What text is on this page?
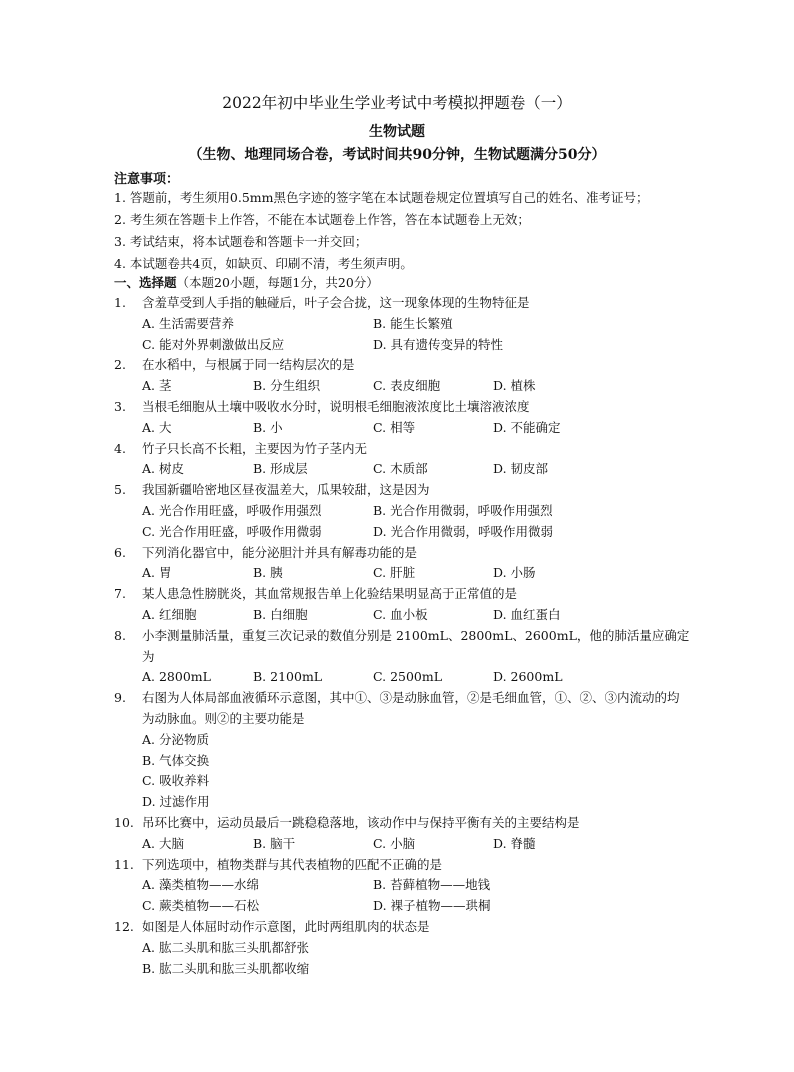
2022年初中毕业生学业考试中考模拟押题卷（一）
生物试题
（生物、地理同场合卷，考试时间共90分钟，生物试题满分50分）
注意事项：
1. 答题前，考生须用0.5mm黑色字迹的签字笔在本试题卷规定位置填写自己的姓名、准考证号；
2. 考生须在答题卡上作答，不能在本试题卷上作答，答在本试题卷上无效；
3. 考试结束，将本试题卷和答题卡一并交回；
4. 本试题卷共4页，如缺页、印刷不清，考生须声明。
一、选择题（本题20小题，每题1分，共20分）
1. 含羞草受到人手指的触碰后，叶子会合拢，这一现象体现的生物特征是
A. 生活需要营养	B. 能生长繁殖
C. 能对外界刺激做出反应	D. 具有遗传变异的特性
2. 在水稻中，与根属于同一结构层次的是
A. 茎	B. 分生组织	C. 表皮细胞	D. 植株
3. 当根毛细胞从土壤中吸收水分时，说明根毛细胞液浓度比土壤溶液浓度
A. 大	B. 小	C. 相等	D. 不能确定
4. 竹子只长高不长粗，主要因为竹子茎内无
A. 树皮	B. 形成层	C. 木质部	D. 韧皮部
5. 我国新疆哈密地区昼夜温差大，瓜果较甜，这是因为
A. 光合作用旺盛，呼吸作用强烈	B. 光合作用微弱，呼吸作用强烈
C. 光合作用旺盛，呼吸作用微弱	D. 光合作用微弱，呼吸作用微弱
6. 下列消化器官中，能分泌胆汁并具有解毒功能的是
A. 胃	B. 胰	C. 肝脏	D. 小肠
7. 某人患急性膀胱炎，其血常规报告单上化验结果明显高于正常值的是
A. 红细胞	B. 白细胞	C. 血小板	D. 血红蛋白
8. 小李测量肺活量，重复三次记录的数值分别是 2100mL、2800mL、2600mL，他的肺活量应确定
为
A. 2800mL	B. 2100mL	C. 2500mL	D. 2600mL
9. 右图为人体局部血液循环示意图，其中①、③是动脉血管，②是毛细血管，①、②、③内流动的均
为动脉血。则②的主要功能是
A. 分泌物质
B. 气体交换
C. 吸收养料
D. 过滤作用
10. 吊环比赛中，运动员最后一跳稳稳落地，该动作中与保持平衡有关的主要结构是
A. 大脑	B. 脑干	C. 小脑	D. 脊髓
11. 下列选项中，植物类群与其代表植物的匹配不正确的是
A. 藻类植物——水绵	B. 苔藓植物——地钱
C. 蕨类植物——石松	D. 裸子植物——珙桐
12. 如图是人体屈时动作示意图，此时两组肌肉的状态是
A. 肱二头肌和肱三头肌都舒张
B. 肱二头肌和肱三头肌都收缩
